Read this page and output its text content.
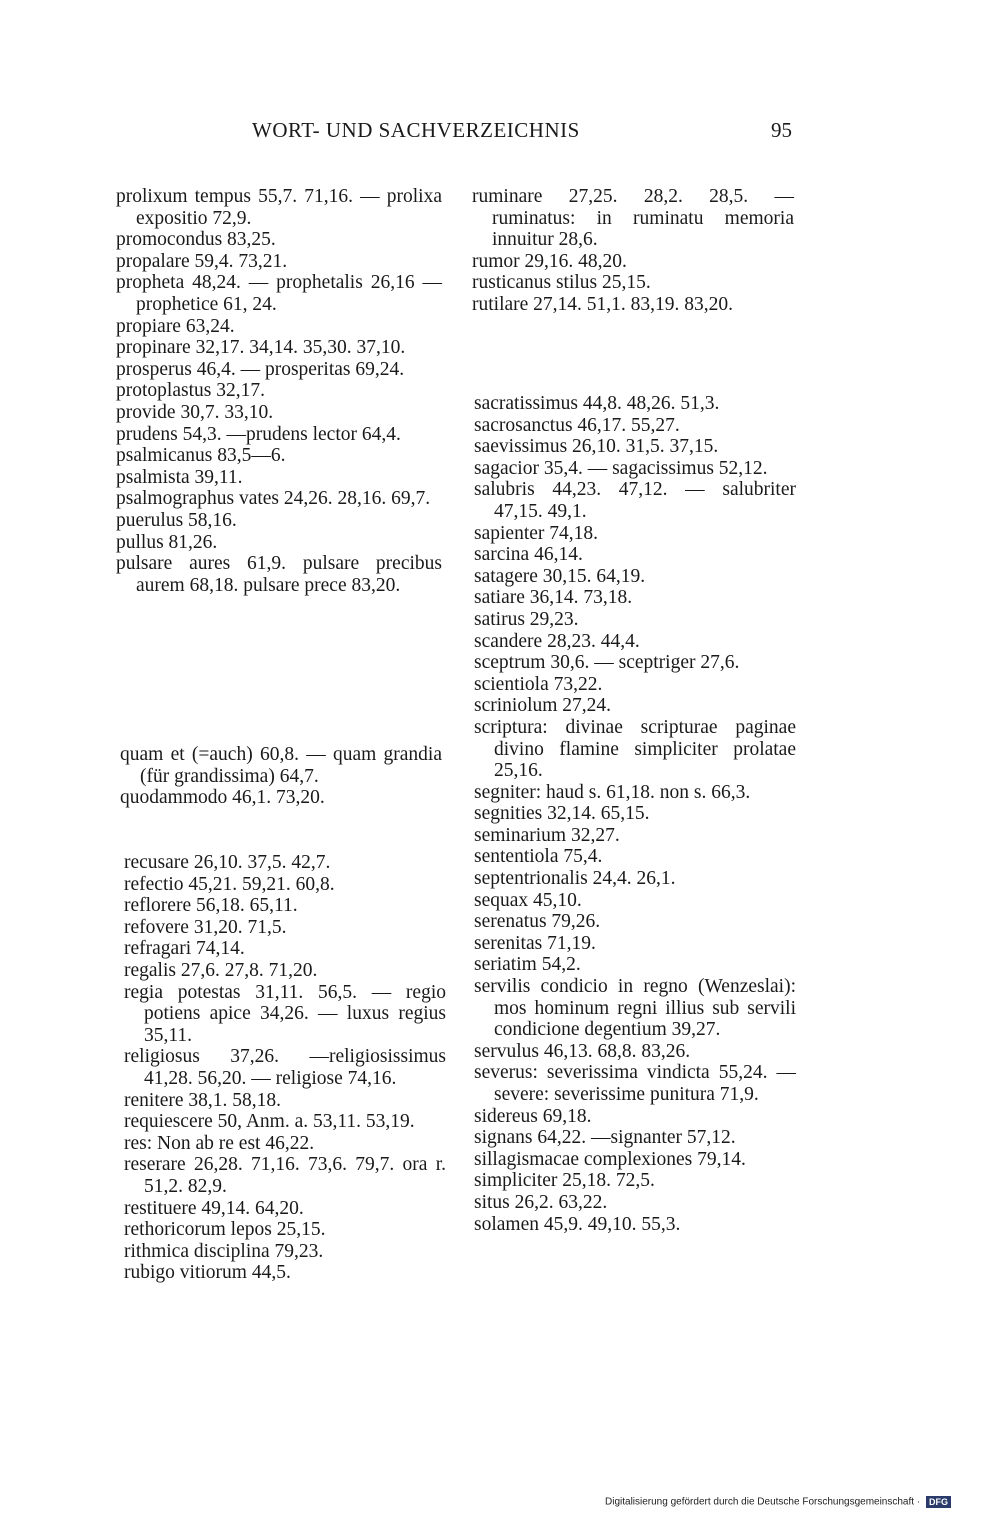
WORT- UND SACHVERZEICHNIS	95

prolixum tempus 55,7. 71,16. — prolixa expositio 72,9.

promocondus 83,25.

propalare 59,4. 73,21.

propheta 48,24. — prophetalis 26,16 — prophetice 61, 24.

propiare 63,24.

propinare 32,17. 34,14. 35,30. 37,10.

prosperus 46,4. — prosperitas 69,24.

protoplastus 32,17.

provide 30,7. 33,10.

prudens 54,3. —prudens lector 64,4.

psalmicanus 83,5—6.

psalmista 39,11.

psalmographus vates 24,26. 28,16. 69,7.

puerulus 58,16.

pullus 81,26.

pulsare aures 61,9. pulsare precibus aurem 68,18. pulsare prece 83,20.

quam et (=auch) 60,8. — quam grandia (für grandissima) 64,7.

quodammodo 46,1. 73,20.

recusare 26,10. 37,5. 42,7.

refectio 45,21. 59,21. 60,8.

reflorere 56,18. 65,11.

refovere 31,20. 71,5.

refragari 74,14.

regalis 27,6. 27,8. 71,20.

regia potestas 31,11. 56,5. — regio potiens apice 34,26. — luxus regius 35,11.

religiosus 37,26. —religiosissimus 41,28. 56,20. — religiose 74,16.

renitere 38,1. 58,18.

requiescere 50, Anm. a. 53,11. 53,19.

res: Non ab re est 46,22.

reserare 26,28. 71,16. 73,6. 79,7. ora r. 51,2. 82,9.

restituere 49,14. 64,20.

rethoricorum lepos 25,15.

rithmica disciplina 79,23.

rubigo vitiorum 44,5.

ruminare 27,25. 28,2. 28,5. — ruminatus: in ruminatu memoria innuitur 28,6.

rumor 29,16. 48,20.

rusticanus stilus 25,15.

rutilare 27,14. 51,1. 83,19. 83,20.

sacratissimus 44,8. 48,26. 51,3.

sacrosanctus 46,17. 55,27.

saevissimus 26,10. 31,5. 37,15.

sagacior 35,4. — sagacissimus 52,12.

salubris 44,23. 47,12. — salubriter 47,15. 49,1.

sapienter 74,18.

sarcina 46,14.

satagere 30,15. 64,19.

satiare 36,14. 73,18.

satirus 29,23.

scandere 28,23. 44,4.

sceptrum 30,6. — sceptriger 27,6.

scientiola 73,22.

scriniolum 27,24.

scriptura: divinae scripturae paginae divino flamine simpliciter prolatae 25,16.

segniter: haud s. 61,18. non s. 66,3.

segnities 32,14. 65,15.

seminarium 32,27.

sententiola 75,4.

septentrionalis 24,4. 26,1.

sequax 45,10.

serenatus 79,26.

serenitas 71,19.

seriatim 54,2.

servilis condicio in regno (Wenzeslai): mos hominum regni illius sub servili condicione degentium 39,27.

servulus 46,13. 68,8. 83,26.

severus: severissima vindicta 55,24. — severe: severissime punitura 71,9.

sidereus 69,18.

signans 64,22. —signanter 57,12.

sillagismacae complexiones 79,14.

simpliciter 25,18. 72,5.

situs 26,2. 63,22.

solamen 45,9. 49,10. 55,3.

Digitalisierung gefördert durch die Deutsche Forschungsgemeinschaft · DFG
